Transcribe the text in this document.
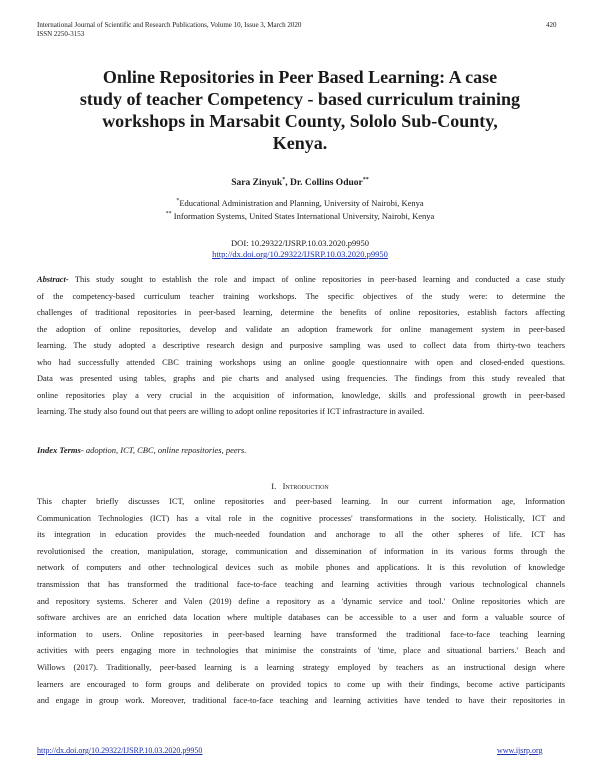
International Journal of Scientific and Research Publications, Volume 10, Issue 3, March 2020
ISSN 2250-3153
420
Online Repositories in Peer Based Learning: A case
study of teacher Competency - based curriculum training
workshops in Marsabit County, Sololo Sub-County,
Kenya.
Sara Zinyuk*, Dr. Collins Oduor**
*Educational Administration and Planning, University of Nairobi, Kenya
** Information Systems, United States International University, Nairobi, Kenya
DOI: 10.29322/IJSRP.10.03.2020.p9950
http://dx.doi.org/10.29322/IJSRP.10.03.2020.p9950
Abstract- This study sought to establish the role and impact of online repositories in peer-based learning and conducted a case study
of the competency-based curriculum teacher training workshops. The specific objectives of the study were: to determine the
challenges of traditional repositories in peer-based learning, determine the benefits of online repositories, establish factors affecting
the adoption of online repositories, develop and validate an adoption framework for online management system in peer-based
learning. The study adopted a descriptive research design and purposive sampling was used to collect data from thirty-two teachers
who had successfully attended CBC training workshops using an online google questionnaire with open and closed-ended questions.
Data was presented using tables, graphs and pie charts and analysed using frequencies. The findings from this study revealed that
online repositories play a very crucial in the acquisition of information, knowledge, skills and professional growth in peer-based
learning. The study also found out that peers are willing to adopt online repositories if ICT infrastracture in availed.
Index Terms- adoption, ICT, CBC, online repositories, peers.
I. Introduction
This chapter briefly discusses ICT, online repositories and peer-based learning. In our current information age, Information
Communication Technologies (ICT) has a vital role in the cognitive processes' transformations in the society. Holistically, ICT and
its integration in education provides the much-needed foundation and anchorage to all the other spheres of life. ICT has
revolutionised the creation, manipulation, storage, communication and dissemination of information in its various forms through the
network of computers and other technological devices such as mobile phones and applications. It is this revolution of knowledge
transmission that has transformed the traditional face-to-face teaching and learning activities through various technological channels
and repository systems. Scherer and Valen (2019) define a repository as a 'dynamic service and tool.' Online repositories which are
software archives are an enriched data location where multiple databases can be accessible to a user and form a valuable source of
information to users. Online repositories in peer-based learning have transformed the traditional face-to-face teaching learning
activities with peers engaging more in technologies that minimise the constraints of 'time, place and situational barriers.' Beach and
Willows (2017). Traditionally, peer-based learning is a learning strategy employed by teachers as an instructional design where
learners are encouraged to form groups and deliberate on provided topics to come up with their findings, become active participants
and engage in group work. Moreover, traditional face-to-face teaching and learning activities have tended to have their repositories in
http://dx.doi.org/10.29322/IJSRP.10.03.2020.p9950	www.ijsrp.org
